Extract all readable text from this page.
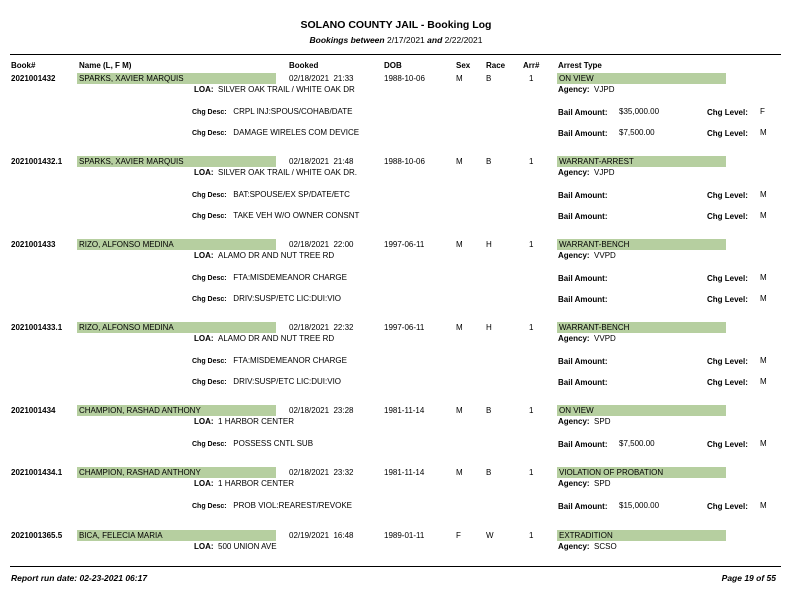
SOLANO COUNTY JAIL - Booking Log
Bookings between 2/17/2021 and 2/22/2021
Book#	Name (L, F M)	Booked	DOB	Sex Race Arr# Arrest Type
2021001432	SPARKS, XAVIER MARQUIS	02/18/2021  21:33	1988-10-06	M	B	1	ON VIEW
LOA: SILVER OAK TRAIL / WHITE OAK DR	Agency: VJPD
Chg Desc: CRPL INJ:SPOUS/COHAB/DATE	Bail Amount: $35,000.00	Chg Level: F
Chg Desc: DAMAGE WIRELES COM DEVICE	Bail Amount: $7,500.00	Chg Level: M
2021001432.1 SPARKS, XAVIER MARQUIS	02/18/2021  21:48	1988-10-06	M	B	1	WARRANT-ARREST
LOA: SILVER OAK TRAIL / WHITE OAK DR.	Agency: VJPD
Chg Desc: BAT:SPOUSE/EX SP/DATE/ETC	Bail Amount:	Chg Level: M
Chg Desc: TAKE VEH W/O OWNER CONSNT	Bail Amount:	Chg Level: M
2021001433	RIZO, ALFONSO MEDINA	02/18/2021  22:00	1997-06-11	M	H	1	WARRANT-BENCH
LOA: ALAMO DR AND NUT TREE RD	Agency: VVPD
Chg Desc: FTA:MISDEMEANOR CHARGE	Bail Amount:	Chg Level: M
Chg Desc: DRIV:SUSP/ETC LIC:DUI:VIO	Bail Amount:	Chg Level: M
2021001433.1 RIZO, ALFONSO MEDINA	02/18/2021  22:32	1997-06-11	M	H	1	WARRANT-BENCH
LOA: ALAMO DR AND NUT TREE RD	Agency: VVPD
Chg Desc: FTA:MISDEMEANOR CHARGE	Bail Amount:	Chg Level: M
Chg Desc: DRIV:SUSP/ETC LIC:DUI:VIO	Bail Amount:	Chg Level: M
2021001434	CHAMPION, RASHAD ANTHONY	02/18/2021  23:28	1981-11-14	M	B	1	ON VIEW
LOA: 1 HARBOR CENTER	Agency: SPD
Chg Desc: POSSESS CNTL SUB	Bail Amount: $7,500.00	Chg Level: M
2021001434.1 CHAMPION, RASHAD ANTHONY	02/18/2021  23:32	1981-11-14	M	B	1	VIOLATION OF PROBATION
LOA: 1 HARBOR CENTER	Agency: SPD
Chg Desc: PROB VIOL:REAREST/REVOKE	Bail Amount: $15,000.00	Chg Level: M
2021001365.5 BICA, FELECIA MARIA	02/19/2021  16:48	1989-01-11	F	W	1	EXTRADITION
LOA: 500 UNION AVE	Agency: SCSO
Report run date: 02-23-2021 06:17	Page 19 of 55
